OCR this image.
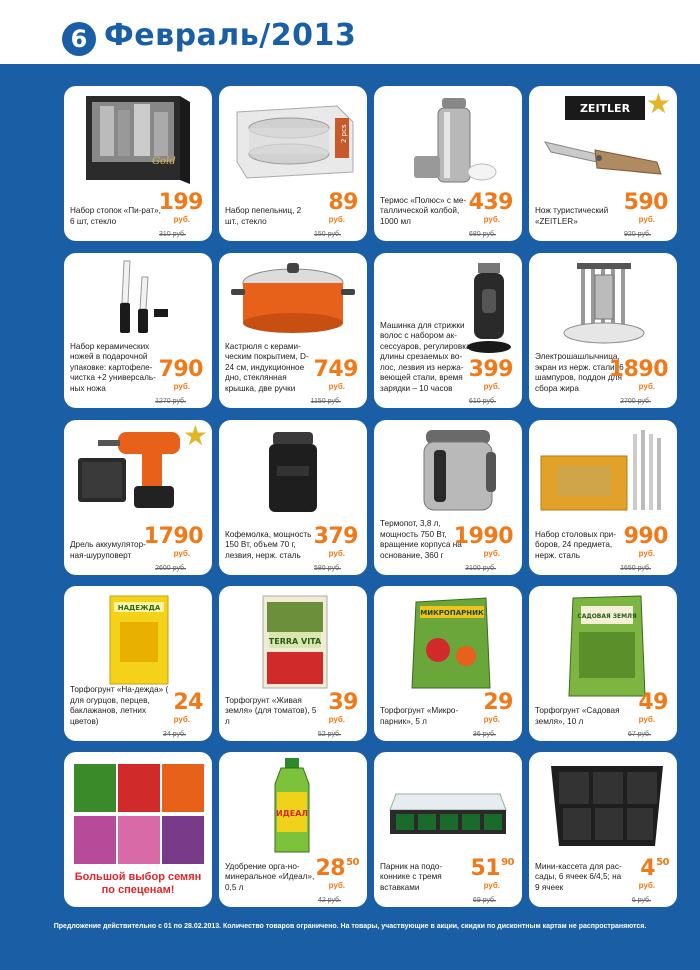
6 Февраль/2013
Gold
Набор стопок «Пи-рат», 6 шт, стекло
199
руб.
310 руб.
2 pcs
Набор пепельниц, 2 шт., стекло
89
руб.
150 руб.
Термос «Полюс» с ме-таллической колбой, 1000 мл
439
руб.
680 руб.
ZEITLER ★
Нож туристический «ZEITLER»
590
руб.
920 руб.
Набор керамических ножей в подарочной упаковке: картофеле-чистка +2 универсаль-ных ножа
790
руб.
1270 руб.
Кастрюля с керами-ческим покрытием, D-24 см, индукционное дно, стеклянная крышка, две ручки
749
руб.
1150 руб.
Машинка для стрижки волос с набором ак-сессуаров, регулировка длины срезаемых во-лос, лезвия из нержа-веющей стали, время зарядки – 10 часов
399
руб.
610 руб.
Электрошашлычница, экран из нерж. стали, 6 шампуров, поддон для сбора жира
1890
руб.
2700 руб.
★
Дрель аккумулятор-ная-шуруповерт
1790
руб.
2600 руб.
Кофемолка, мощность 150 Вт, объем 70 г, лезвия, нерж. сталь
379
руб.
580 руб.
Термопот, 3,8 л, мощность 750 Вт, вращение корпуса на основание, 360 г
1990
руб.
3100 руб.
Набор столовых при-боров, 24 предмета, нерж. сталь
990
руб.
1650 руб.
НАДЕЖДА
Торфогрунт «На-дежда» ( для огурцов, перцев, баклажанов, летних цветов)
24
руб.
34 руб.
TERRA VITA
Торфогрунт «Живая земля» (для томатов), 5 л
39
руб.
52 руб.
МИКРОПАРНИК
Торфогрунт «Микро-парник», 5 л
29
руб.
36 руб.
САДОВАЯ ЗЕМЛЯ
Торфогрунт «Садовая земля», 10 л
49
руб.
67 руб.
Большой выбор семян по спеценам!
ИДЕАЛ
Удобрение орга-но-минеральное «Идеал», 0,5 л
$28^{50}$
руб.
42 руб.
Парник на подо-коннике с тремя вставками
$51^{90}$
руб.
69 руб.
Мини-кассета для рас-сады, 6 ячеек 6/4,5; на 9 ячеек
$4^{50}$
руб.
6 руб.
Предложение действительно с 01 по 28.02.2013. Количество товаров ограничено. На товары, участвующие в акции, скидки по дисконтным картам не распространяются.
